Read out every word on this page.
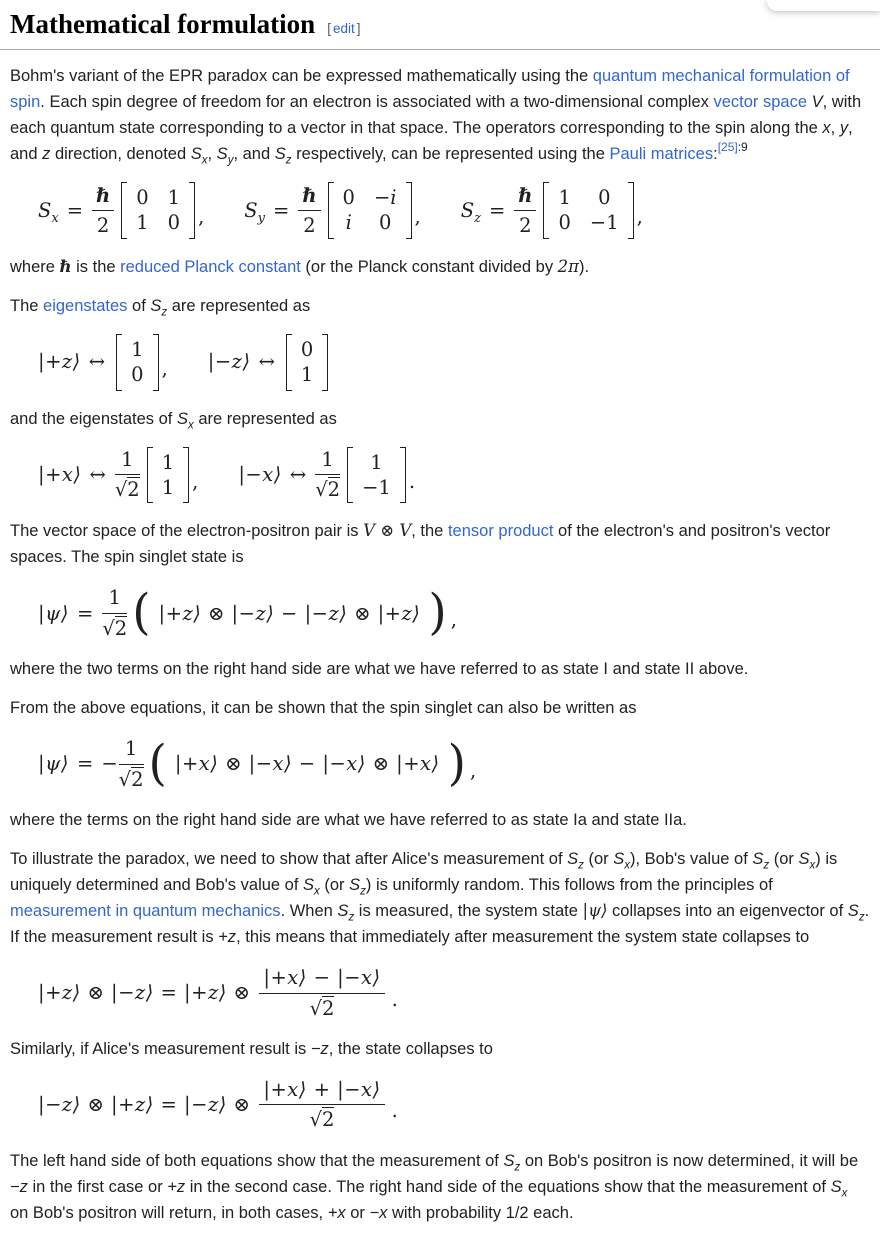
Mathematical formulation [ edit ]

Bohm's variant of the EPR paradox can be expressed mathematically using the quantum mechanical formulation of spin. Each spin degree of freedom for an electron is associated with a two-dimensional complex vector space V, with each quantum state corresponding to a vector in that space. The operators corresponding to the spin along the x, y, and z direction, denoted $S_x$, $S_y$, and $S_z$ respectively, can be represented using the Pauli matrices:$^{[25]:9}$

$S_x = \frac{\text{ℏ}}{2} 0$ 1
1 0 , $S_y = \frac{\text{ℏ}}{2} 0 -i$
i 0 , $S_z = \frac{\text{ℏ}}{2} 1$	0
0 −1 ,

where ℏ is the reduced Planck constant (or the Planck constant divided by 2π).

The eigenstates of $S_z$ are represented as

|+z⟩ ↔
1
0 , |−z⟩ ↔
0
1

and the eigenstates of $S_x$ are represented as

|+x⟩ ↔ $\frac{1}{√2} 1$
1 , |−x⟩ ↔ $\frac{1}{√2}$	1
−1 .

The vector space of the electron-positron pair is V ⊗ V, the tensor product of the electron's and positron's vector spaces. The spin singlet state is

|ψ⟩ = $\frac{1}{√2}$ ( |+z⟩ ⊗ |−z⟩ − |−z⟩ ⊗ |+z⟩ ) ,

where the two terms on the right hand side are what we have referred to as state I and state II above.

From the above equations, it can be shown that the spin singlet can also be written as

|ψ⟩ = − $\frac{1}{√2}$ ( |+x⟩ ⊗ |−x⟩ − |−x⟩ ⊗ |+x⟩ ) ,

where the terms on the right hand side are what we have referred to as state Ia and state IIa.

To illustrate the paradox, we need to show that after Alice's measurement of $S_z$ (or $S_x$), Bob's value of $S_z$ (or $S_x$) is uniquely determined and Bob's value of $S_x$ (or $S_z$) is uniformly random. This follows from the principles of measurement in quantum mechanics. When $S_z$ is measured, the system state |ψ⟩ collapses into an eigenvector of $S_z$. If the measurement result is +z, this means that immediately after measurement the system state collapses to

|+z⟩ ⊗ |−z⟩ = |+z⟩ ⊗ $\frac{|+x⟩ - |-x⟩}{√2}$ .

Similarly, if Alice's measurement result is −z, the state collapses to

|−z⟩ ⊗ |+z⟩ = |−z⟩ ⊗ $\frac{|+x⟩ + |-x⟩}{√2}$ .

The left hand side of both equations show that the measurement of $S_z$ on Bob's positron is now determined, it will be −z in the first case or +z in the second case. The right hand side of the equations show that the measurement of $S_x$ on Bob's positron will return, in both cases, +x or −x with probability 1/2 each.
